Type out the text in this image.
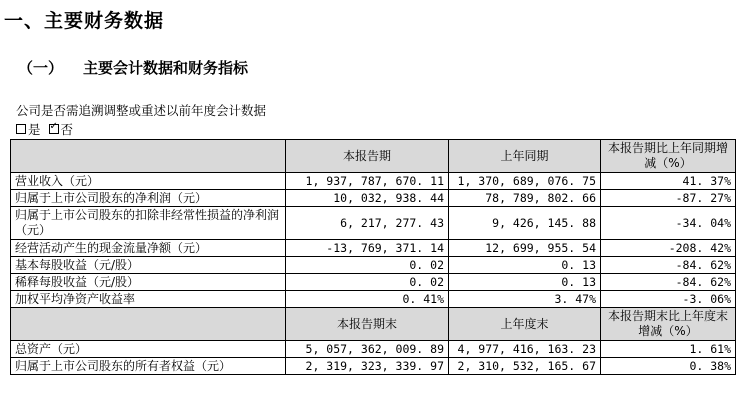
一、主要财务数据
（一） 主要会计数据和财务指标
公司是否需追溯调整或重述以前年度会计数据
是
✓ 否
	本报告期	上年同期	本报告期比上年同期增减（%）
营业收入（元）	1, 937, 787, 670. 11	1, 370, 689, 076. 75	41. 37%
归属于上市公司股东的净利润（元）	10, 032, 938. 44	78, 789, 802. 66	-87. 27%
归属于上市公司股东的扣除非经常性损益的净利润（元）	6, 217, 277. 43	9, 426, 145. 88	-34. 04%
经营活动产生的现金流量净额（元）	-13, 769, 371. 14	12, 699, 955. 54	-208. 42%
基本每股收益（元/股）	0. 02	0. 13	-84. 62%
稀释每股收益（元/股）	0. 02	0. 13	-84. 62%
加权平均净资产收益率	0. 41%	3. 47%	-3. 06%
	本报告期末	上年度末	本报告期末比上年度末增减（%）
总资产（元）	5, 057, 362, 009. 89	4, 977, 416, 163. 23	1. 61%
归属于上市公司股东的所有者权益（元）	2, 319, 323, 339. 97	2, 310, 532, 165. 67	0. 38%
